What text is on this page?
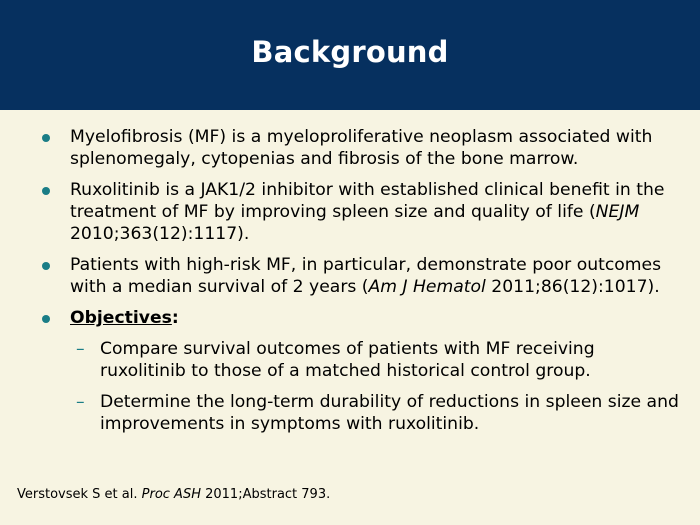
Background
Myelofibrosis (MF) is a myeloproliferative neoplasm associated with splenomegaly, cytopenias and fibrosis of the bone marrow.
Ruxolitinib is a JAK1/2 inhibitor with established clinical benefit in the treatment of MF by improving spleen size and quality of life (NEJM 2010;363(12):1117).
Patients with high-risk MF, in particular, demonstrate poor outcomes with a median survival of 2 years (Am J Hematol 2011;86(12):1017).
Objectives:
– Compare survival outcomes of patients with MF receiving ruxolitinib to those of a matched historical control group.
– Determine the long-term durability of reductions in spleen size and improvements in symptoms with ruxolitinib.
Verstovsek S et al. Proc ASH 2011;Abstract 793.
